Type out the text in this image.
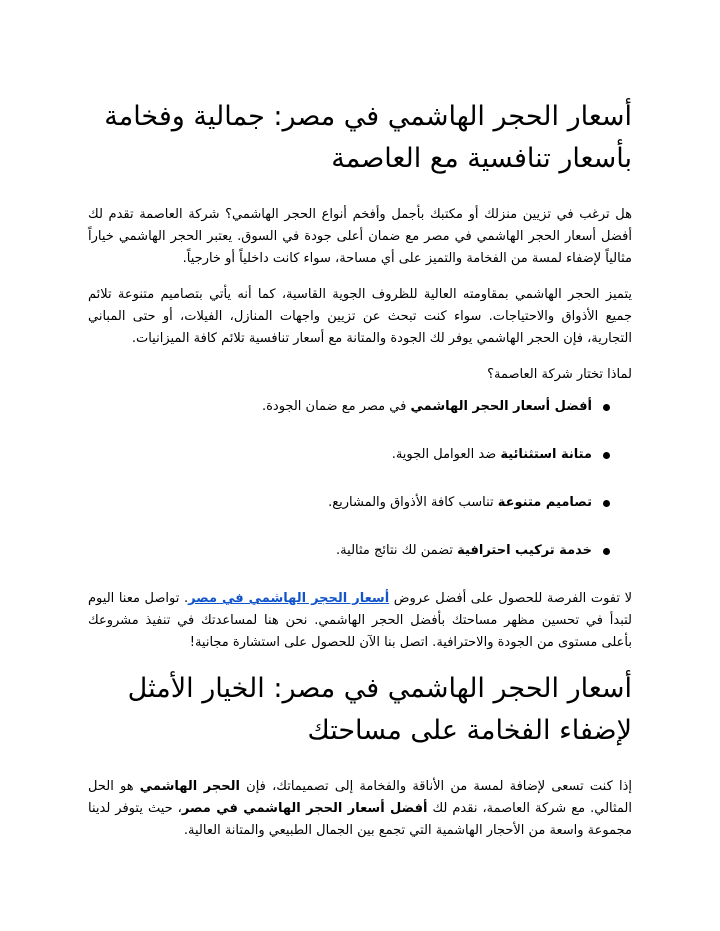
أسعار الحجر الهاشمي في مصر: جمالية وفخامة بأسعار تنافسية مع العاصمة

هل ترغب في تزيين منزلك أو مكتبك بأجمل وأفخم أنواع الحجر الهاشمي؟ شركة العاصمة تقدم لك أفضل أسعار الحجر الهاشمي في مصر مع ضمان أعلى جودة في السوق. يعتبر الحجر الهاشمي خياراً مثالياً لإضفاء لمسة من الفخامة والتميز على أي مساحة، سواء كانت داخلياً أو خارجياً.

يتميز الحجر الهاشمي بمقاومته العالية للظروف الجوية القاسية، كما أنه يأتي بتصاميم متنوعة تلائم جميع الأذواق والاحتياجات. سواء كنت تبحث عن تزيين واجهات المنازل، الفيلات، أو حتى المباني التجارية، فإن الحجر الهاشمي يوفر لك الجودة والمتانة مع أسعار تنافسية تلائم كافة الميزانيات.

لماذا تختار شركة العاصمة؟

أفضل أسعار الحجر الهاشمي في مصر مع ضمان الجودة.
متانة استثنائية ضد العوامل الجوية.
تصاميم متنوعة تناسب كافة الأذواق والمشاريع.
خدمة تركيب احترافية تضمن لك نتائج مثالية.

لا تفوت الفرصة للحصول على أفضل عروض أسعار الحجر الهاشمي في مصر. تواصل معنا اليوم لتبدأ في تحسين مظهر مساحتك بأفضل الحجر الهاشمي. نحن هنا لمساعدتك في تنفيذ مشروعك بأعلى مستوى من الجودة والاحترافية. اتصل بنا الآن للحصول على استشارة مجانية!

أسعار الحجر الهاشمي في مصر: الخيار الأمثل لإضفاء الفخامة على مساحتك

إذا كنت تسعى لإضافة لمسة من الأناقة والفخامة إلى تصميماتك، فإن الحجر الهاشمي هو الحل المثالي. مع شركة العاصمة، نقدم لك أفضل أسعار الحجر الهاشمي في مصر، حيث يتوفر لدينا مجموعة واسعة من الأحجار الهاشمية التي تجمع بين الجمال الطبيعي والمتانة العالية.
